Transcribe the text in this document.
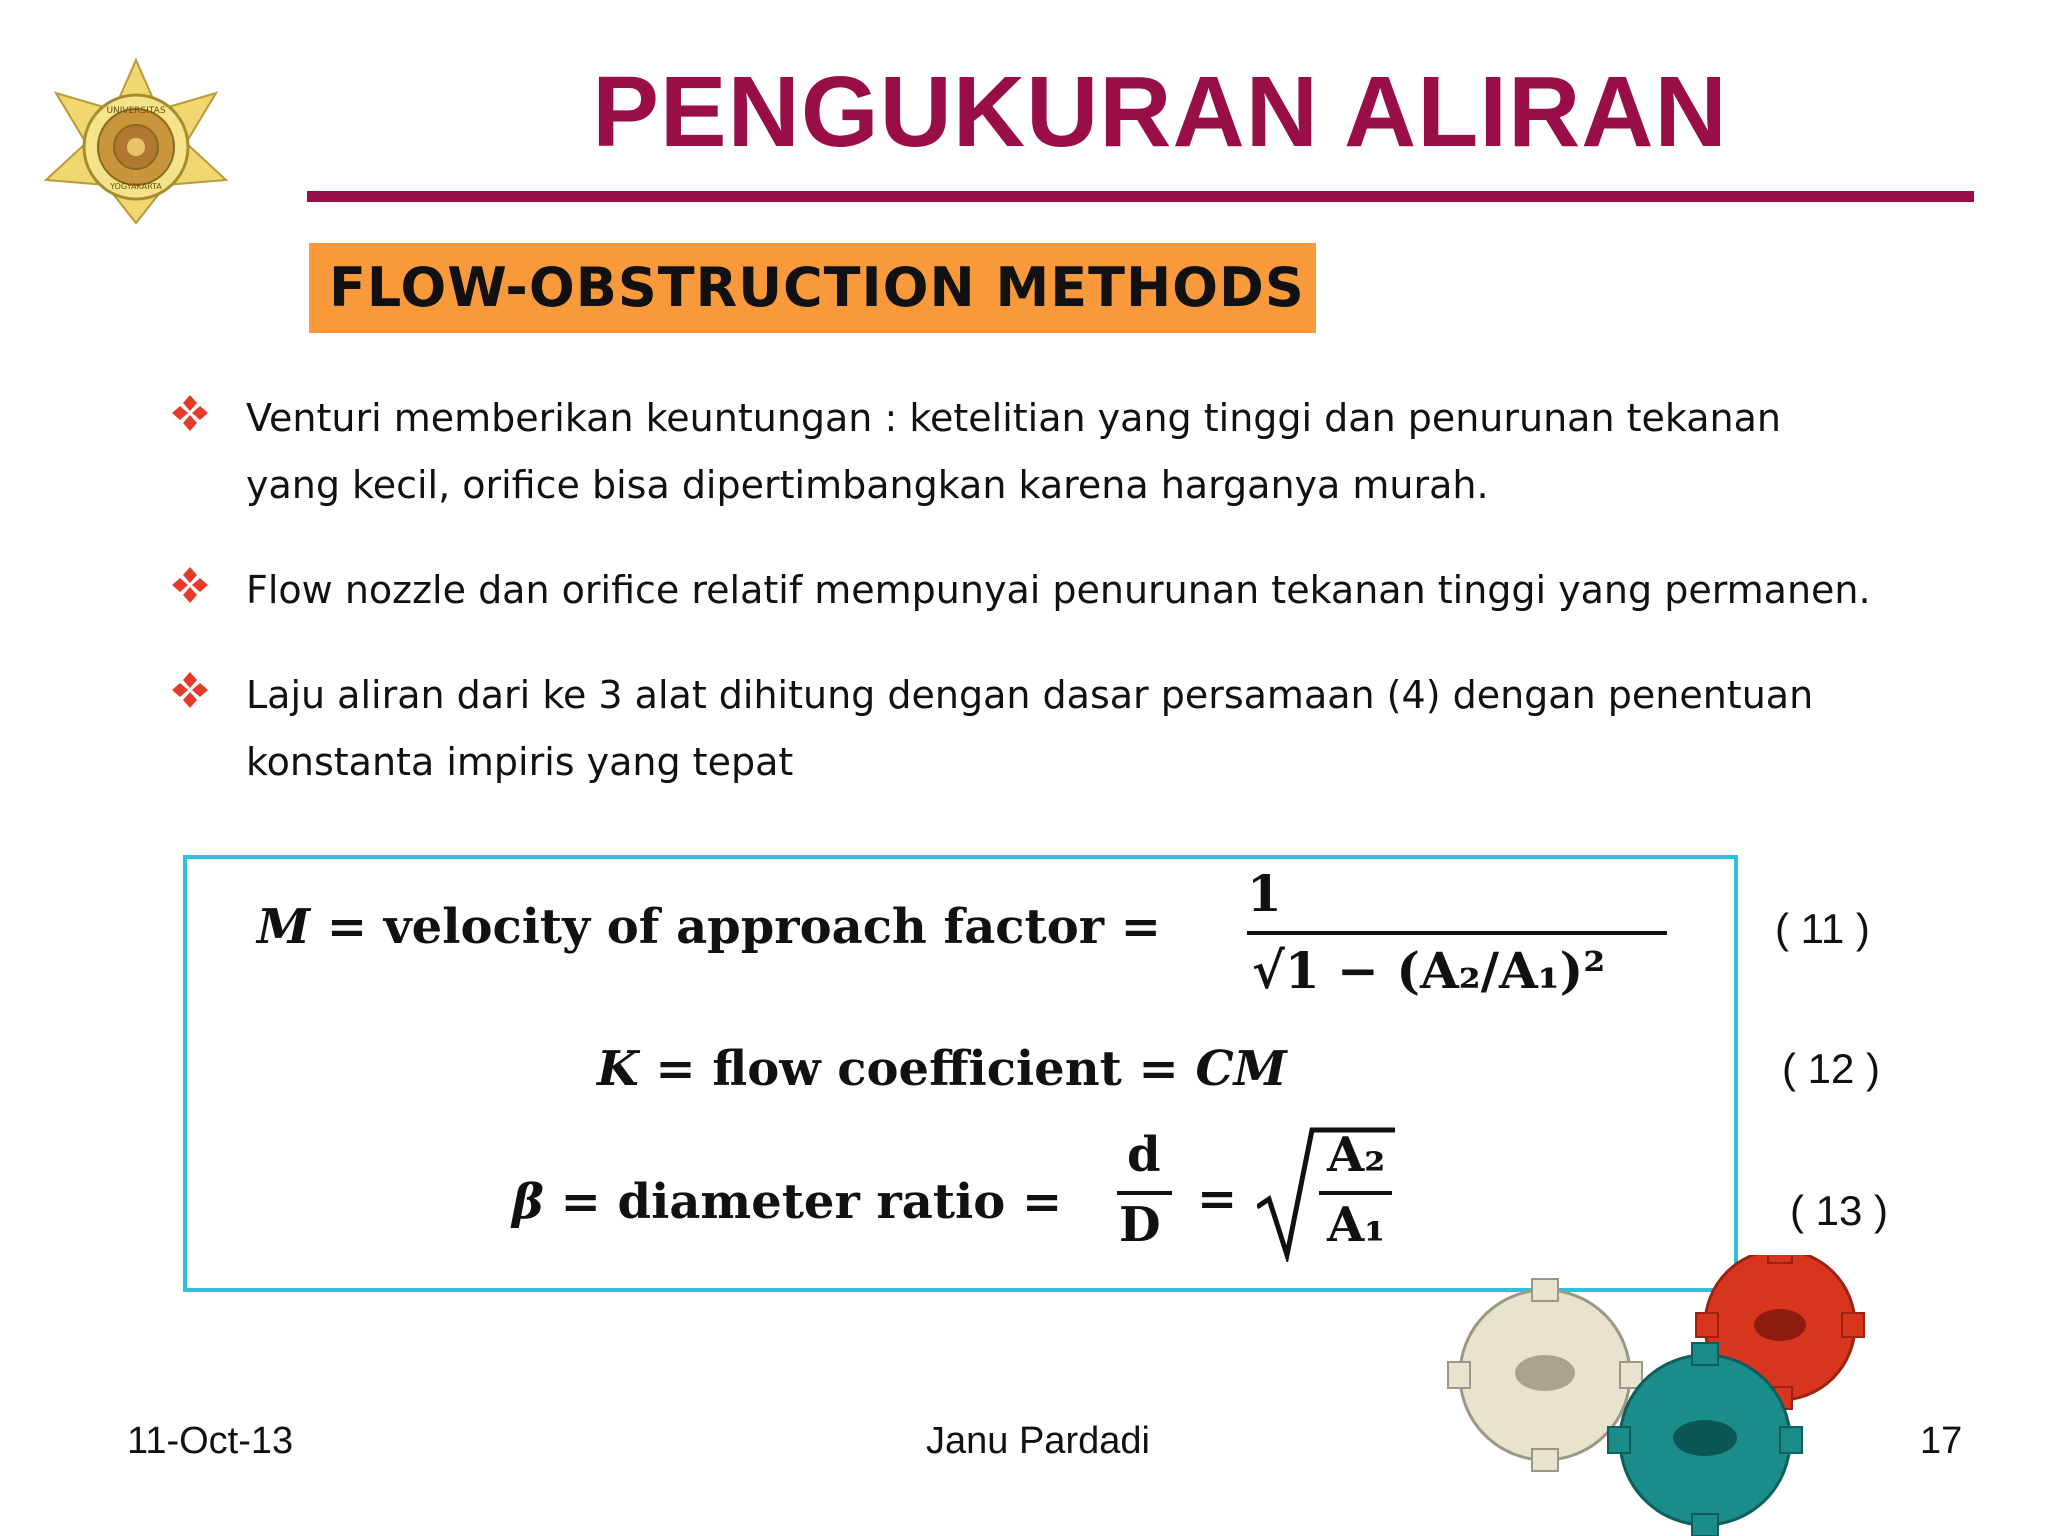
UNIVERSITAS
YOGYAKARTA
PENGUKURAN ALIRAN
FLOW-OBSTRUCTION METHODS
Venturi memberikan keuntungan : ketelitian yang tinggi dan penurunan tekanan
yang kecil, orifice bisa dipertimbangkan karena harganya murah.
Flow nozzle dan orifice relatif mempunyai penurunan tekanan tinggi yang permanen.
Laju aliran dari ke 3 alat dihitung dengan dasar persamaan (4) dengan penentuan
konstanta impiris yang tepat
M = velocity of approach factor =
1
√1 − (A₂/A₁)²
K = flow coefficient = CM
β = diameter ratio =
d
D =
A₂
A₁
( 11 )
( 12 )
( 13 )
11-Oct-13	Janu Pardadi	17
